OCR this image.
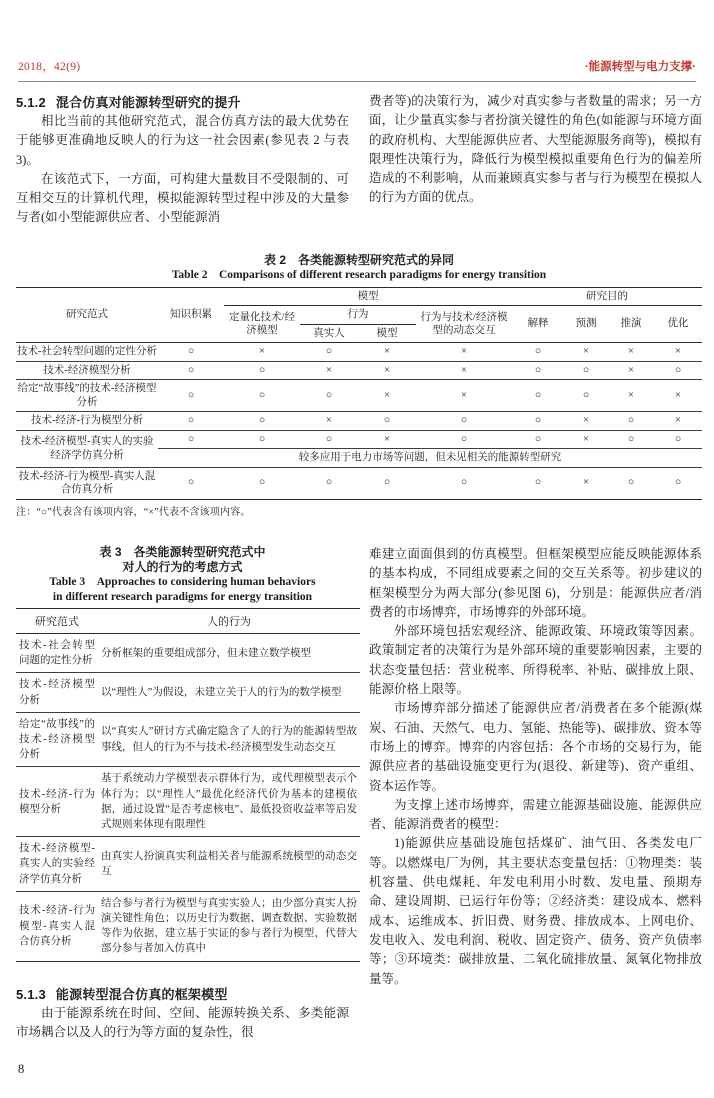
2018，42(9)	·能源转型与电力支撑·
5.1.2 混合仿真对能源转型研究的提升

相比当前的其他研究范式，混合仿真方法的最大优势在于能够更准确地反映人的行为这一社会因素(参见表 2 与表 3)。

在该范式下，一方面，可构建大量数目不受限制的、可互相交互的计算机代理，模拟能源转型过程中涉及的大量参与者(如小型能源供应者、小型能源消

费者等)的决策行为，减少对真实参与者数量的需求；另一方面，让少量真实参与者扮演关键性的角色(如能源与环境方面的政府机构、大型能源供应者、大型能源服务商等)，模拟有限理性决策行为，降低行为模型模拟重要角色行为的偏差所造成的不利影响，从而兼顾真实参与者与行为模型在模拟人的行为方面的优点。

表 2　各类能源转型研究范式的异同

Table 2　Comparisons of different research paradigms for energy transition

研究范式	知识积累	模型				研究目的			
		定量化技术/经济模型	行为		行为与技术/经济模型的动态交互	解释	预测	推演	优化
			真实人	模型					
技术-社会转型问题的定性分析	○	×	○	×	×	○	×	×	×
技术-经济模型分析	○	○	×	×	×	○	○	×	○
给定“故事线”的技术-经济模型分析	○	○	○	×	×	○	○	×	×
技术-经济-行为模型分析	○	○	×	○	○	○	×	○	×
技术-经济模型-真实人的实验经济学仿真分析	○	○	○	×	○	○	×	○	○
	较多应用于电力市场等问题，但未见相关的能源转型研究								
技术-经济-行为模型-真实人混合仿真分析	○	○	○	○	○	○	×	○	○
注：“○”代表含有该项内容，“×”代表不含该项内容。

表 3　各类能源转型研究范式中

对人的行为的考虑方式

Table 3　Approaches to considering human behaviors

in different research paradigms for energy transition

研究范式	人的行为
技术-社会转型问题的定性分析	分析框架的重要组成部分，但未建立数学模型
技术-经济模型分析	以“理性人”为假设，未建立关于人的行为的数学模型
给定“故事线”的技术-经济模型分析	以“真实人”研讨方式确定隐含了人的行为的能源转型故事线，但人的行为不与技术-经济模型发生动态交互
技术-经济-行为模型分析	基于系统动力学模型表示群体行为，或代理模型表示个体行为；以“理性人”最优化经济代价为基本的建模依据，通过设置“是否考虑核电”、最低投资收益率等启发式规则来体现有限理性
技术-经济模型-真实人的实验经济学仿真分析	由真实人扮演真实利益相关者与能源系统模型的动态交互
技术-经济-行为模型-真实人混合仿真分析	结合参与者行为模型与真实实验人；由少部分真实人扮演关键性角色；以历史行为数据、调查数据、实验数据等作为依据，建立基于实证的参与者行为模型，代替大部分参与者加入仿真中
5.1.3 能源转型混合仿真的框架模型

由于能源系统在时间、空间、能源转换关系、多类能源市场耦合以及人的行为等方面的复杂性，很

难建立面面俱到的仿真模型。但框架模型应能反映能源体系的基本构成，不同组成要素之间的交互关系等。初步建议的框架模型分为两大部分(参见图 6)，分别是：能源供应者/消费者的市场博弈，市场博弈的外部环境。

外部环境包括宏观经济、能源政策、环境政策等因素。政策制定者的决策行为是外部环境的重要影响因素，主要的状态变量包括：营业税率、所得税率、补贴、碳排放上限、能源价格上限等。

市场博弈部分描述了能源供应者/消费者在多个能源(煤炭、石油、天然气、电力、氢能、热能等)、碳排放、资本等市场上的博弈。博弈的内容包括：各个市场的交易行为，能源供应者的基础设施变更行为(退役、新建等)、资产重组、资本运作等。

为支撑上述市场博弈，需建立能源基础设施、能源供应者、能源消费者的模型：

1)能源供应基础设施包括煤矿、油气田、各类发电厂等。以燃煤电厂为例，其主要状态变量包括：①物理类：装机容量、供电煤耗、年发电利用小时数、发电量、预期寿命、建设周期、已运行年份等；②经济类：建设成本、燃料成本、运维成本、折旧费、财务费、排放成本、上网电价、发电收入、发电利润、税收、固定资产、债务、资产负债率等；③环境类：碳排放量、二氧化硫排放量、氮氧化物排放量等。

8
